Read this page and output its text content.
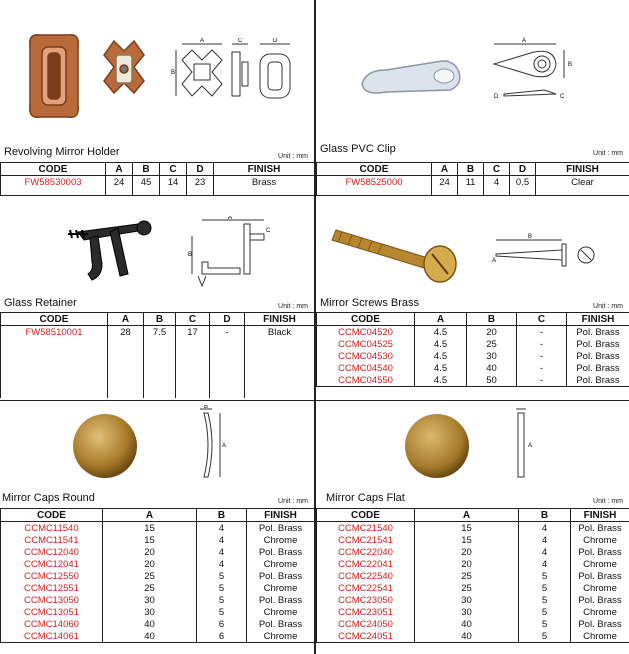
A
B
C	D
Revolving Mirror Holder	Unit : mm
CODE	A	B	C	D	FINISH
FW58530003	24	45	14	23	Brass
A
B
C
D
Glass PVC Clip	Unit : mm
CODE	A	B	C	D	FINISH
FW58525000	24	11	4	0.5	Clear
A
B
C
Glass Retainer	Unit : mm
CODE	A	B	C	D	FINISH
FW58510001	28	7.5	17	-	Black
B
A
Mirror Screws Brass	Unit : mm
CODE	A	B	C	FINISH
CCMC04520	4.5	20	-	Pol. Brass
CCMC04525	4.5	25	-	Pol. Brass
CCMC04530	4.5	30	-	Pol. Brass
CCMC04540	4.5	40	-	Pol. Brass
CCMC04550	4.5	50	-	Pol. Brass
B
A
Mirror Caps Round	Unit : mm
CODE	A	B	FINISH
CCMC11540	15	4	Pol. Brass
CCMC11541	15	4	Chrome
CCMC12040	20	4	Pol. Brass
CCMC12041	20	4	Chrome
CCMC12550	25	5	Pol. Brass
CCMC12551	25	5	Chrome
CCMC13050	30	5	Pol. Brass
CCMC13051	30	5	Chrome
CCMC14060	40	6	Pol. Brass
CCMC14061	40	6	Chrome
A
Mirror Caps Flat	Unit : mm
CODE	A	B	FINISH
CCMC21540	15	4	Pol. Brass
CCMC21541	15	4	Chrome
CCMC22040	20	4	Pol. Brass
CCMC22041	20	4	Chrome
CCMC22540	25	5	Pol. Brass
CCMC22541	25	5	Chrome
CCMC23050	30	5	Pol. Brass
CCMC23051	30	5	Chrome
CCMC24050	40	5	Pol. Brass
CCMC24051	40	5	Chrome
